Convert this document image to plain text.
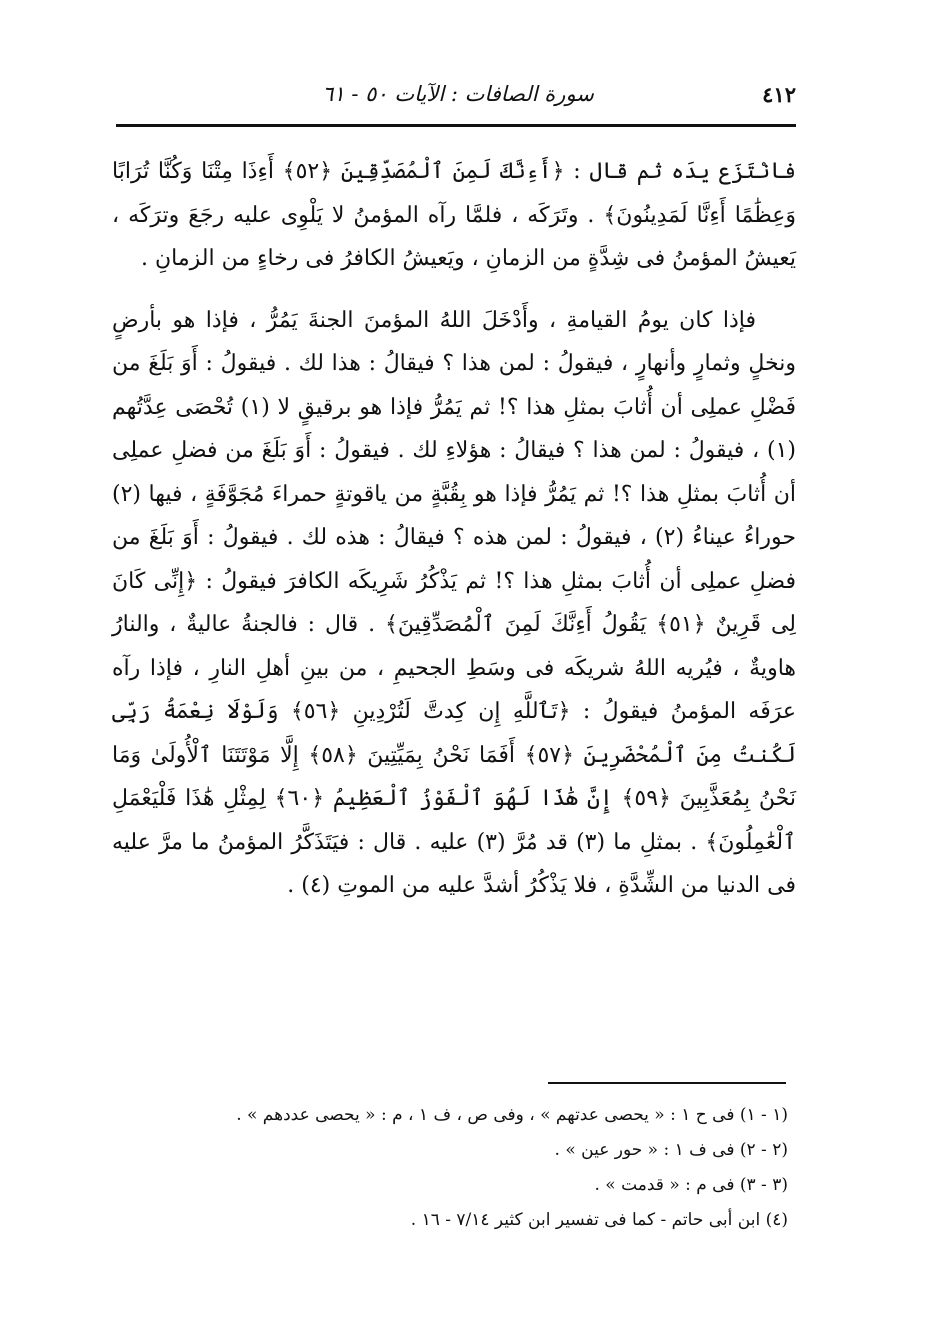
٤١٢
سورة الصافات : الآيات ٥٠ - ٦١

فانْتَزَع يدَه ثم قال : ﴿أَءِنَّكَ لَمِنَ ٱلْمُصَدِّقِينَ ﴿٥٢﴾ أَءِذَا مِتْنَا وَكُنَّا تُرَابًا وَعِظَٰمًا أَءِنَّا لَمَدِينُونَ﴾ . وتَرَكَه ، فلمَّا رآه المؤمنُ لا يَلْوِى عليه رجَعَ وترَكَه ، يَعيشُ المؤمنُ فى شِدَّةٍ من الزمانِ ، ويَعيشُ الكافرُ فى رخاءٍ من الزمانِ .

فإذا كان يومُ القيامةِ ، وأَدْخَلَ اللهُ المؤمنَ الجنةَ يَمُرُّ ، فإذا هو بأرضٍ ونخلٍ وثمارٍ وأنهارٍ ، فيقولُ : لمن هذا ؟ فيقالُ : هذا لك . فيقولُ : أَوَ بَلَغَ من فَضْلِ عملِى أن أُثابَ بمثلِ هذا ؟! ثم يَمُرُّ فإذا هو برقيقٍ لا (١) تُحْصَى عِدَّتُهم (١) ، فيقولُ : لمن هذا ؟ فيقالُ : هؤلاءِ لك . فيقولُ : أَوَ بَلَغَ من فضلِ عملِى أن أُثابَ بمثلِ هذا ؟! ثم يَمُرُّ فإذا هو بِقُبَّةٍ من ياقوتةٍ حمراءَ مُجَوَّفَةٍ ، فيها (٢) حوراءُ عيناءُ (٢) ، فيقولُ : لمن هذه ؟ فيقالُ : هذه لك . فيقولُ : أَوَ بَلَغَ من فضلِ عملِى أن أُثابَ بمثلِ هذا ؟! ثم يَذْكُرُ شَرِيكَه الكافرَ فيقولُ : ﴿إِنِّى كَانَ لِى قَرِينٌ ﴿٥١﴾ يَقُولُ أَءِنَّكَ لَمِنَ ٱلْمُصَدِّقِينَ﴾ . قال : فالجنةُ عاليةٌ ، والنارُ هاويةٌ ، فيُريه اللهُ شريكَه فى وسَطِ الجحيمِ ، من بينِ أهلِ النارِ ، فإذا رآه عرَفَه المؤمنُ فيقولُ : ﴿تَٱللَّهِ إِن كِدتَّ لَتُرْدِينِ ﴿٥٦﴾ وَلَوْلَا نِعْمَةُ رَبِّى لَكُنتُ مِنَ ٱلْمُحْضَرِينَ ﴿٥٧﴾ أَفَمَا نَحْنُ بِمَيِّتِينَ ﴿٥٨﴾ إِلَّا مَوْتَتَنَا ٱلْأُولَىٰ وَمَا نَحْنُ بِمُعَذَّبِينَ ﴿٥٩﴾ إِنَّ هَٰذَا لَهُوَ ٱلْفَوْزُ ٱلْعَظِيمُ ﴿٦٠﴾ لِمِثْلِ هَٰذَا فَلْيَعْمَلِ ٱلْعَٰمِلُونَ﴾ . بمثلِ ما (٣) قد مُرَّ (٣) عليه . قال : فيَتَذَكَّرُ المؤمنُ ما مرَّ عليه فى الدنيا من الشِّدَّةِ ، فلا يَذْكُرُ أشدَّ عليه من الموتِ (٤) .

(١ - ١) فى ح ١ : « يحصى عدتهم » ، وفى ص ، ف ١ ، م : « يحصى عددهم » .
(٢ - ٢) فى ف ١ : « حور عين » .
(٣ - ٣) فى م : « قدمت » .
(٤) ابن أبى حاتم - كما فى تفسير ابن كثير ٧/١٤ - ١٦ .
